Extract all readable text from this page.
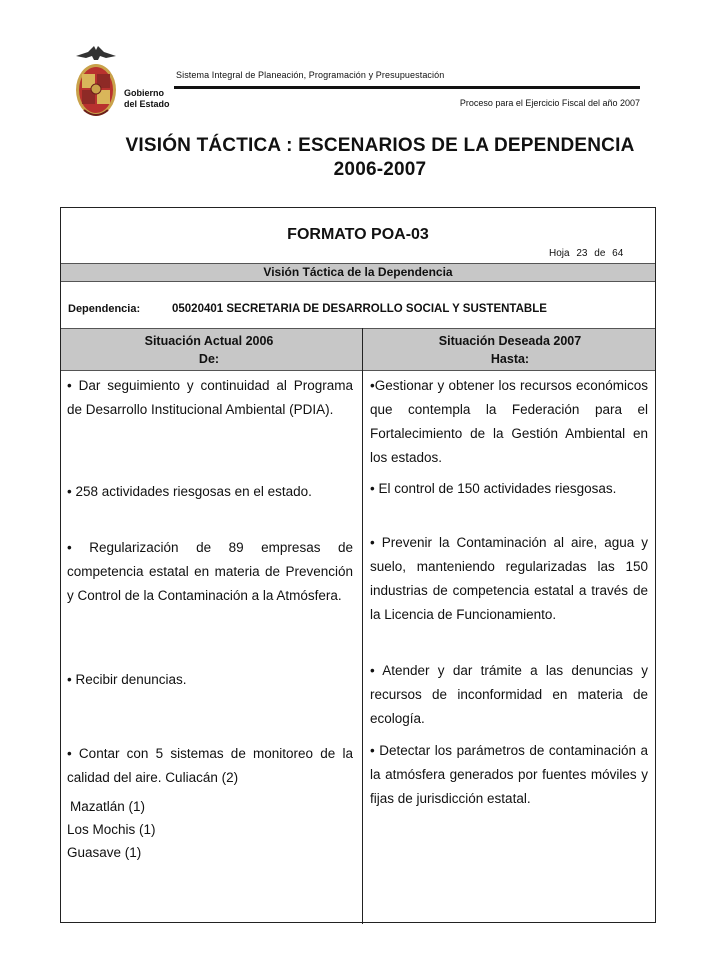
Gobierno
del Estado
Sistema Integral de Planeación, Programación y Presupuestación
Proceso para el Ejercicio Fiscal del año 2007
VISIÓN TÁCTICA : ESCENARIOS DE LA DEPENDENCIA
2006-2007
FORMATO POA-03
Hoja 23 de 64
Visión Táctica de la Dependencia
Dependencia:	05020401 SECRETARIA DE DESARROLLO SOCIAL Y SUSTENTABLE
Situación Actual 2006
De:
Situación Deseada 2007
Hasta:
• Dar seguimiento y continuidad al Programa de Desarrollo Institucional Ambiental (PDIA).
• 258 actividades riesgosas en el estado.
• Regularización de 89 empresas de competencia estatal en materia de Prevención y Control de la Contaminación a la Atmósfera.
• Recibir denuncias.
• Contar con 5 sistemas de monitoreo de la calidad del aire. Culiacán (2)
Mazatlán (1)
Los Mochis (1)
Guasave (1)
•Gestionar y obtener los recursos económicos que contempla la Federación para el Fortalecimiento de la Gestión Ambiental en los estados.
• El control de 150 actividades riesgosas.
• Prevenir la Contaminación al aire, agua y suelo, manteniendo regularizadas las 150 industrias de competencia estatal a través de la Licencia de Funcionamiento.
• Atender y dar trámite a las denuncias y recursos de inconformidad en materia de ecología.
• Detectar los parámetros de contaminación a la atmósfera generados por fuentes móviles y fijas de jurisdicción estatal.
